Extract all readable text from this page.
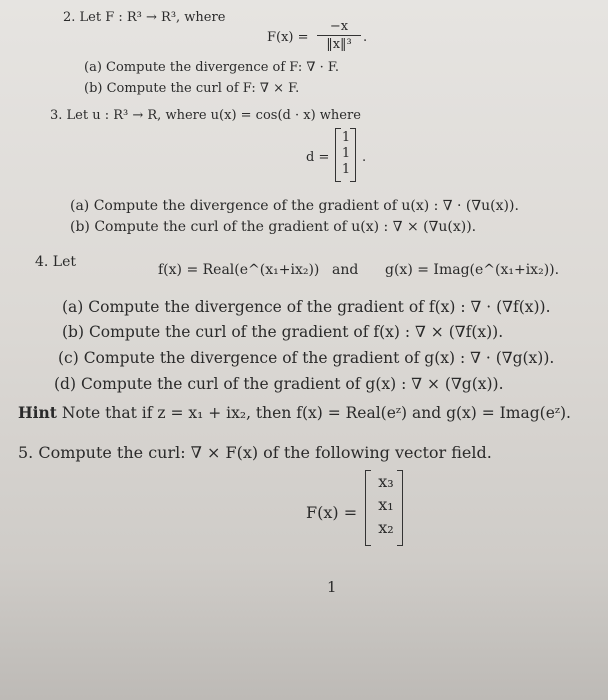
2. Let F : R³ → R³, where
F(x) =
−x
‖x‖³ .
(a) Compute the divergence of F: ∇ · F.
(b) Compute the curl of F: ∇ × F.
3. Let u : R³ → R, where u(x) = cos(d · x) where
d =
1
1
1
.
(a) Compute the divergence of the gradient of u(x) : ∇ · (∇u(x)).
(b) Compute the curl of the gradient of u(x) : ∇ × (∇u(x)).
4. Let	f(x) = Real(e^(x₁+ix₂)) and g(x) = Imag(e^(x₁+ix₂)).
(a) Compute the divergence of the gradient of f(x) : ∇ · (∇f(x)).
(b) Compute the curl of the gradient of f(x) : ∇ × (∇f(x)).
(c) Compute the divergence of the gradient of g(x) : ∇ · (∇g(x)).
(d) Compute the curl of the gradient of g(x) : ∇ × (∇g(x)).
Hint Note that if z = x₁ + ix₂, then f(x) = Real(eᶻ) and g(x) = Imag(eᶻ).
5. Compute the curl: ∇ × F(x) of the following vector field.
F(x) =
x₃
x₁
x₂
1
